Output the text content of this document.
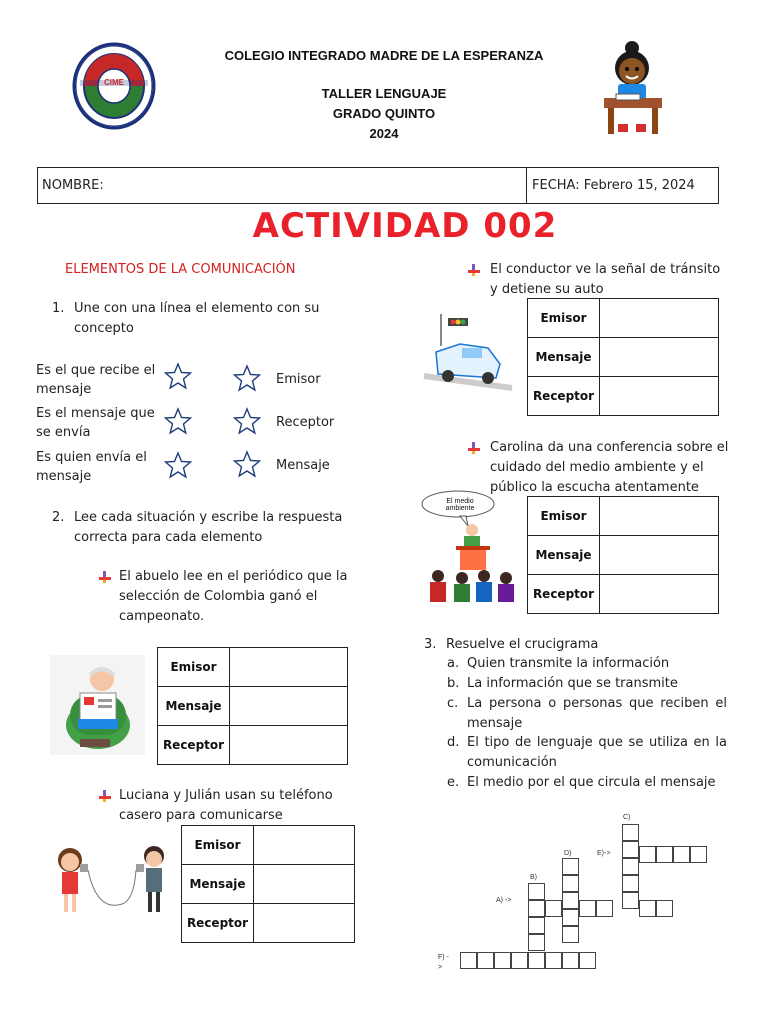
CIME
COLEGIO INTEGRADO MADRE DE LA ESPERANZA
TALLER LENGUAJE
GRADO QUINTO
2024
NOMBRE:	FECHA: Febrero 15, 2024
ACTIVIDAD 002
ELEMENTOS DE LA COMUNICACIÓN
1. Une con una línea el elemento con su concepto
Es el que recibe el mensaje
Es el mensaje que se envía
Es quien envía el mensaje
Emisor
Receptor
Mensaje
2. Lee cada situación y escribe la respuesta correcta para cada elemento
El abuelo lee en el periódico que la selección de Colombia ganó el campeonato.
Emisor	
Mensaje	
Receptor	
Luciana y Julián usan su teléfono casero para comunicarse
Emisor	
Mensaje	
Receptor	
El conductor ve la señal de tránsito y detiene su auto
Emisor	
Mensaje	
Receptor	
Carolina da una conferencia sobre el cuidado del medio ambiente y el público la escucha atentamente
El medio ambiente
Emisor	
Mensaje	
Receptor	
3. Resuelve el crucigrama
a. Quien transmite la información
b. La información que se transmite
c. La persona o personas que reciben el mensaje
d. El tipo de lenguaje que se utiliza en la comunicación
e. El medio por el que circula el mensaje
C)
D)	E)->
B)
A) ->
F) -
>
